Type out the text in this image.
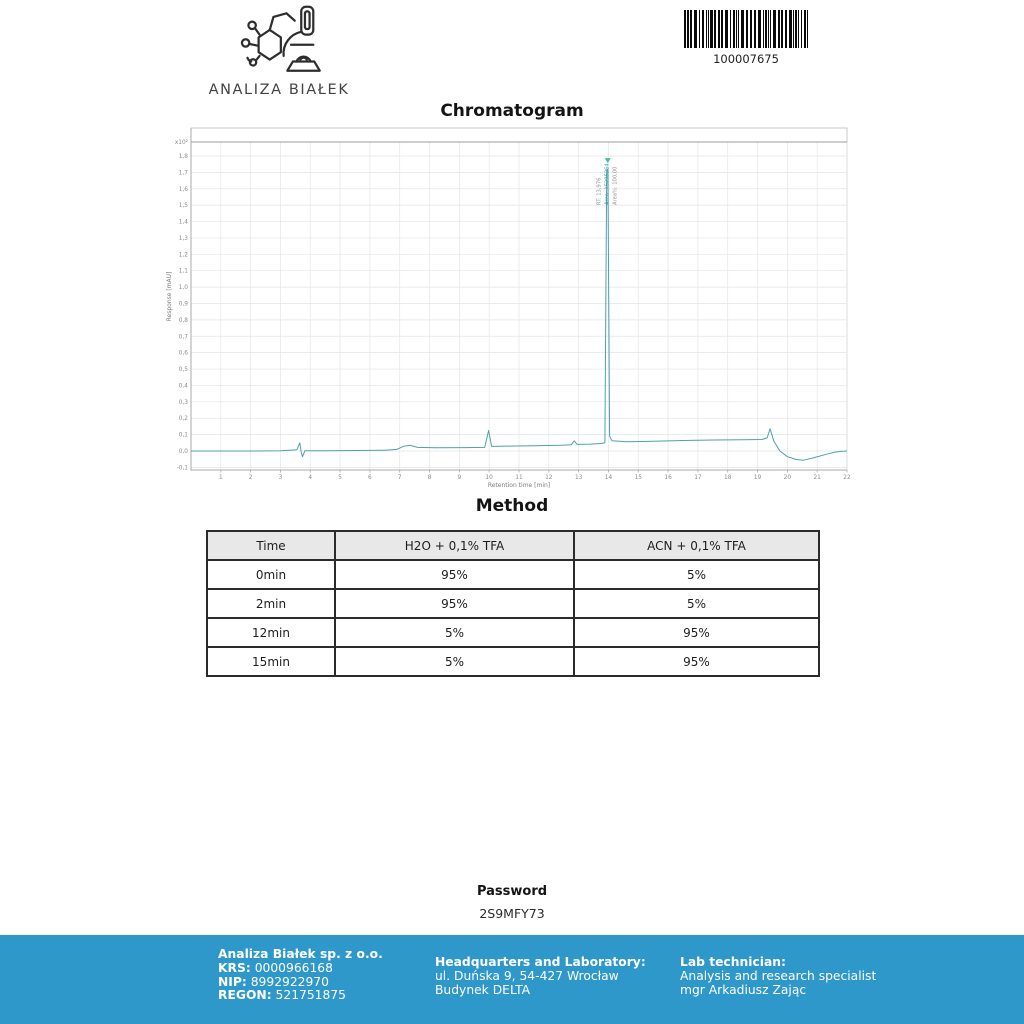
ANALIZA BIAŁEK
100007675
Chromatogram
-0,1
0,0
0,1
0,2
0,3
0,4
0,5
0,6
0,7
0,8
0,9
1,0
1,1
1,2
1,3
1,4
1,5
1,6
1,7
1,8
x10²
1	2	3	4	5	6	7	8	9	10	11	12	13	14	15	16	17	18	19	20	21	22
Retention time [min]
Response [mAU]
RT: 13,976 Area: 15295264 Area%: 100,00
Method
Time	H2O + 0,1% TFA	ACN + 0,1% TFA
0min	95%	5%
2min	95%	5%
12min	5%	95%
15min	5%	95%
Password
2S9MFY73
Analiza Białek sp. z o.o.
KRS: 0000966168
NIP: 8992922970
REGON: 521751875
Headquarters and Laboratory:
ul. Duńska 9, 54-427 Wrocław
Budynek DELTA
Lab technician:
Analysis and research specialist
mgr Arkadiusz Zając
